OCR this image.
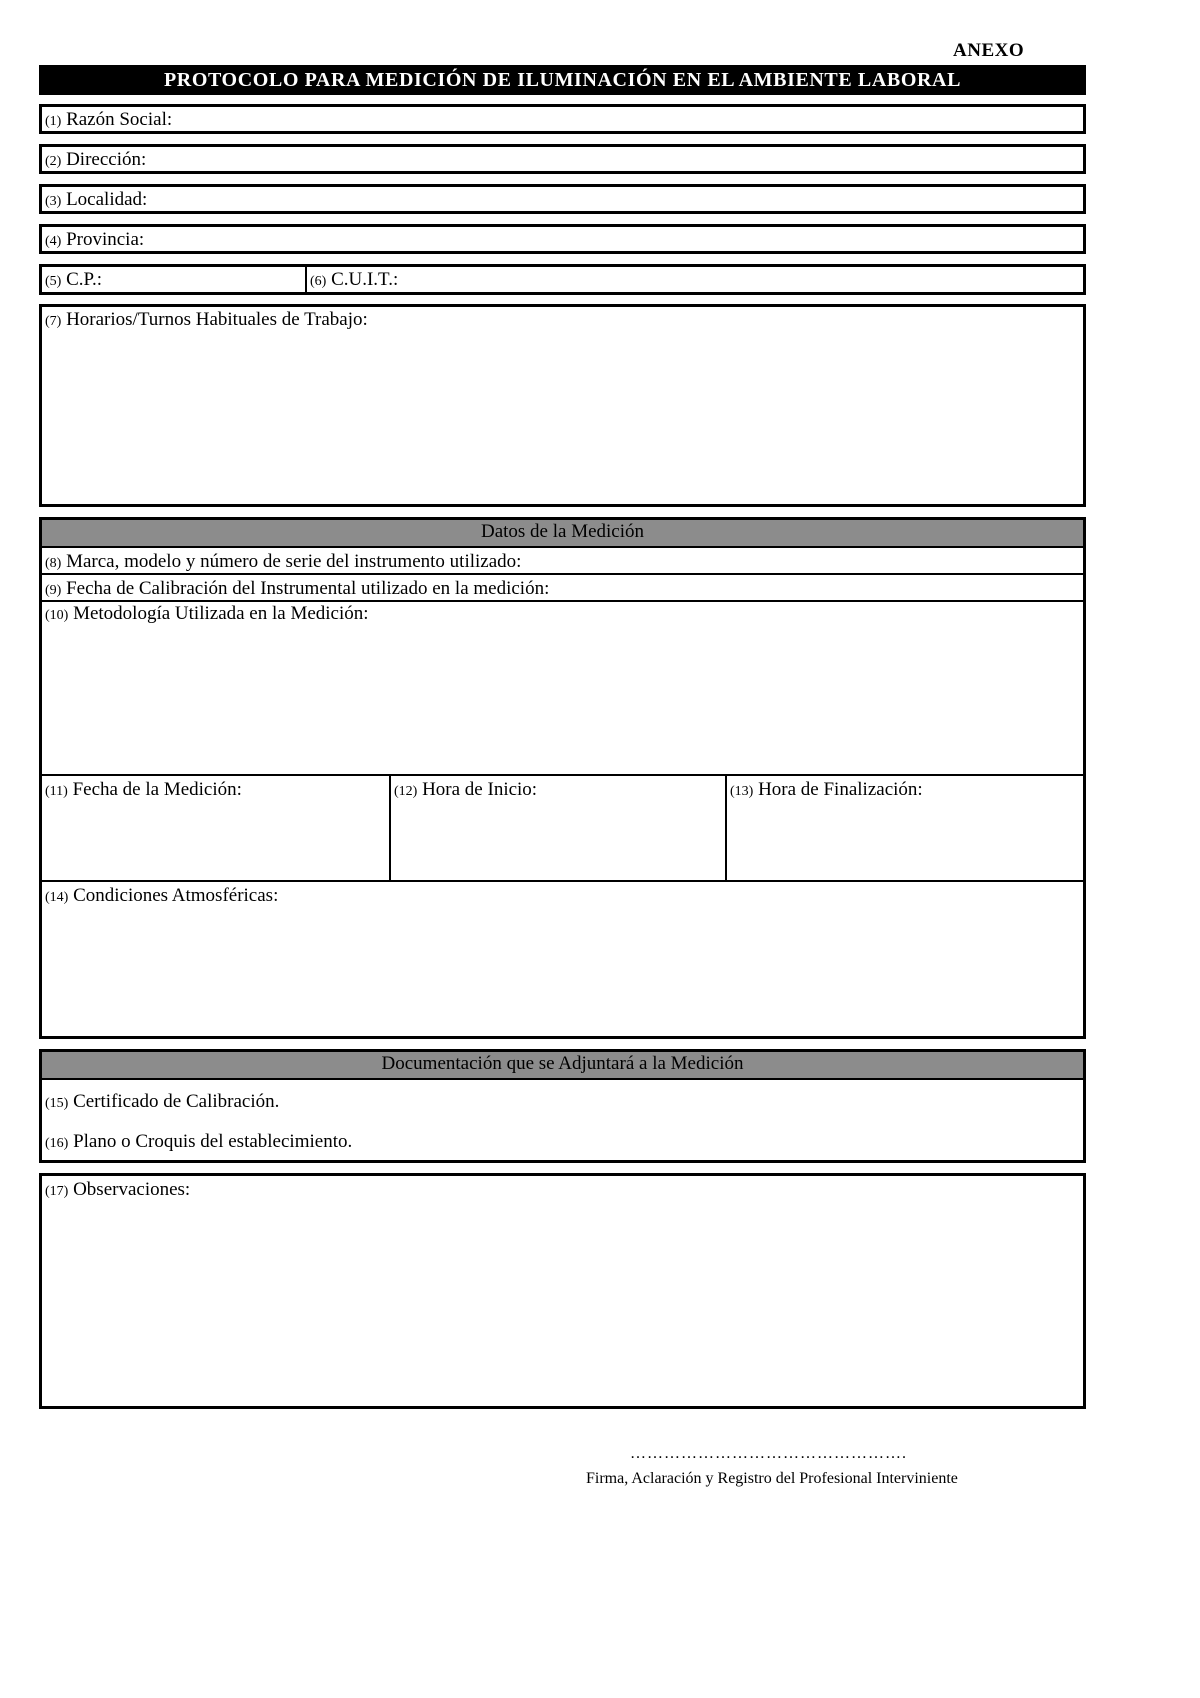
ANEXO
PROTOCOLO PARA MEDICIÓN DE ILUMINACIÓN EN EL AMBIENTE LABORAL
(1) Razón Social:
(2) Dirección:
(3) Localidad:
(4) Provincia:
(5) C.P.:	(6) C.U.I.T.:
(7) Horarios/Turnos Habituales de Trabajo:
Datos de la Medición
(8) Marca, modelo y número de serie del instrumento utilizado:
(9) Fecha de Calibración del Instrumental utilizado en la medición:
(10) Metodología Utilizada en la Medición:
(11) Fecha de la Medición:	(12) Hora de Inicio:	(13) Hora de Finalización:
(14) Condiciones Atmosféricas:
Documentación que se Adjuntará a la Medición
(15) Certificado de Calibración.
(16) Plano o Croquis del establecimiento.
(17) Observaciones:
………………………………………….
Firma, Aclaración y Registro del Profesional Interviniente
